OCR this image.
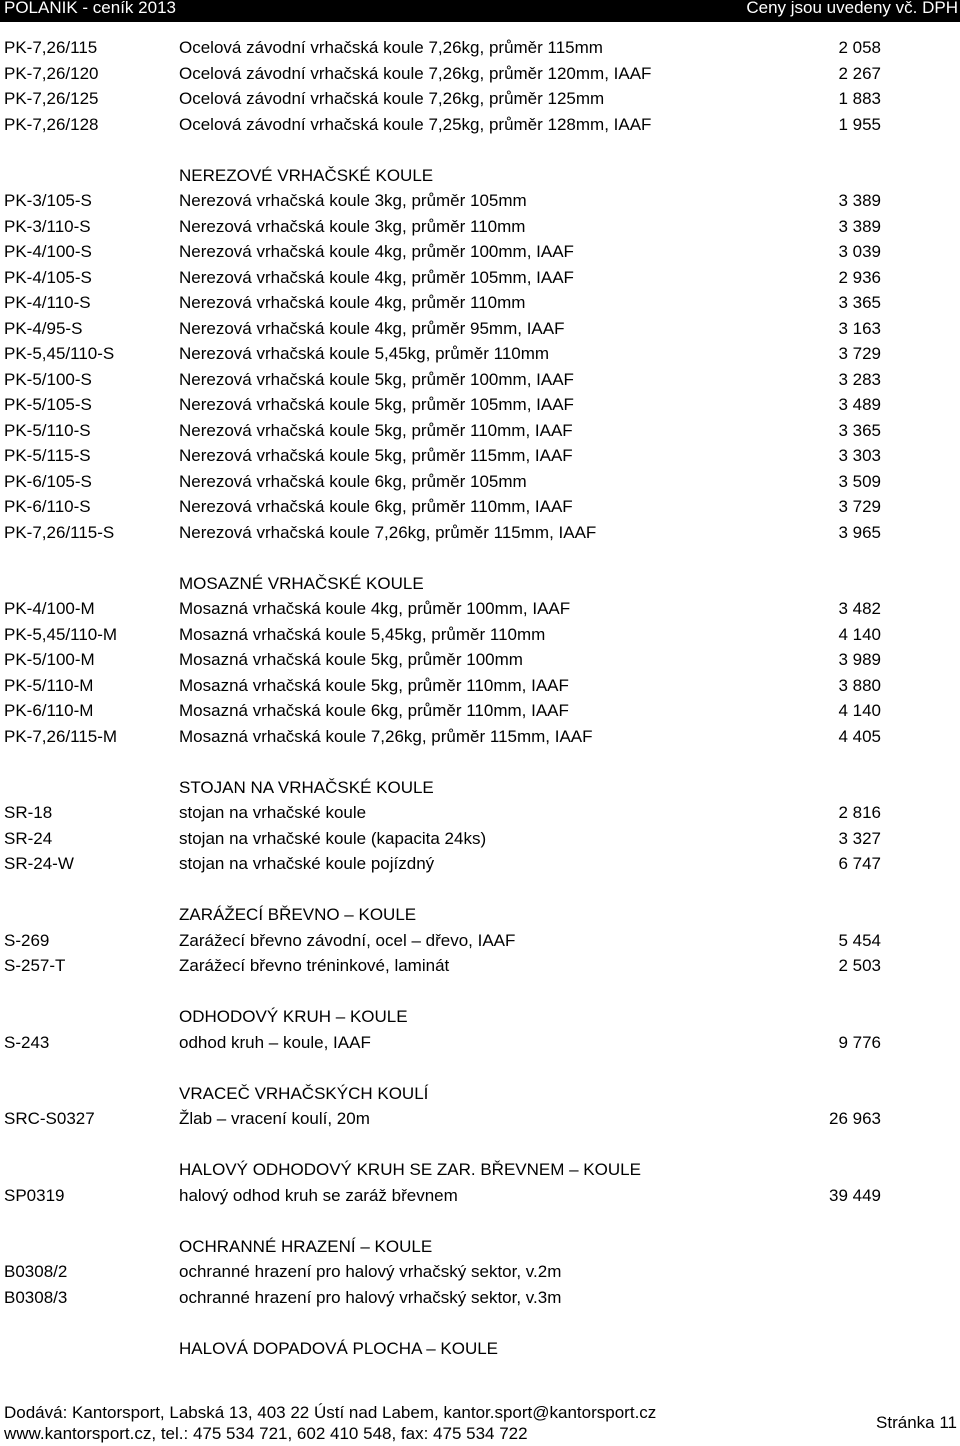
POLANIK - ceník 2013	Ceny jsou uvedeny vč. DPH
PK-7,26/115	Ocelová závodní vrhačská koule 7,26kg, průměr 115mm	2 058
PK-7,26/120	Ocelová závodní vrhačská koule 7,26kg, průměr 120mm, IAAF	2 267
PK-7,26/125	Ocelová závodní vrhačská koule 7,26kg, průměr 125mm	1 883
PK-7,26/128	Ocelová závodní vrhačská koule 7,25kg, průměr 128mm, IAAF	1 955
NEREZOVÉ VRHAČSKÉ KOULE
PK-3/105-S	Nerezová vrhačská koule 3kg, průměr 105mm	3 389
PK-3/110-S	Nerezová vrhačská koule 3kg, průměr 110mm	3 389
PK-4/100-S	Nerezová vrhačská koule 4kg, průměr 100mm, IAAF	3 039
PK-4/105-S	Nerezová vrhačská koule 4kg, průměr 105mm, IAAF	2 936
PK-4/110-S	Nerezová vrhačská koule 4kg, průměr 110mm	3 365
PK-4/95-S	Nerezová vrhačská koule 4kg, průměr 95mm, IAAF	3 163
PK-5,45/110-S	Nerezová vrhačská koule 5,45kg, průměr 110mm	3 729
PK-5/100-S	Nerezová vrhačská koule 5kg, průměr 100mm, IAAF	3 283
PK-5/105-S	Nerezová vrhačská koule 5kg, průměr 105mm, IAAF	3 489
PK-5/110-S	Nerezová vrhačská koule 5kg, průměr 110mm, IAAF	3 365
PK-5/115-S	Nerezová vrhačská koule 5kg, průměr 115mm, IAAF	3 303
PK-6/105-S	Nerezová vrhačská koule 6kg, průměr 105mm	3 509
PK-6/110-S	Nerezová vrhačská koule 6kg, průměr 110mm, IAAF	3 729
PK-7,26/115-S	Nerezová vrhačská koule 7,26kg, průměr 115mm, IAAF	3 965
MOSAZNÉ VRHAČSKÉ KOULE
PK-4/100-M	Mosazná vrhačská koule 4kg, průměr 100mm, IAAF	3 482
PK-5,45/110-M	Mosazná vrhačská koule 5,45kg, průměr 110mm	4 140
PK-5/100-M	Mosazná vrhačská koule 5kg, průměr 100mm	3 989
PK-5/110-M	Mosazná vrhačská koule 5kg, průměr 110mm, IAAF	3 880
PK-6/110-M	Mosazná vrhačská koule 6kg, průměr 110mm, IAAF	4 140
PK-7,26/115-M	Mosazná vrhačská koule 7,26kg, průměr 115mm, IAAF	4 405
STOJAN NA VRHAČSKÉ KOULE
SR-18	stojan na vrhačské koule	2 816
SR-24	stojan na vrhačské koule (kapacita 24ks)	3 327
SR-24-W	stojan na vrhačské koule pojízdný	6 747
ZARÁŽECÍ BŘEVNO – KOULE
S-269	Zarážecí břevno závodní, ocel – dřevo, IAAF	5 454
S-257-T	Zarážecí břevno tréninkové, laminát	2 503
ODHODOVÝ KRUH – KOULE
S-243	odhod kruh – koule, IAAF	9 776
VRACEČ VRHAČSKÝCH KOULÍ
SRC-S0327	Žlab – vracení koulí, 20m	26 963
HALOVÝ ODHODOVÝ KRUH SE ZAR. BŘEVNEM – KOULE
SP0319	halový odhod kruh se zaráž břevnem	39 449
OCHRANNÉ HRAZENÍ – KOULE
B0308/2	ochranné hrazení pro halový vrhačský sektor, v.2m
B0308/3	ochranné hrazení pro halový vrhačský sektor, v.3m
HALOVÁ DOPADOVÁ PLOCHA – KOULE
Dodává: Kantorsport, Labská 13, 403 22 Ústí nad Labem, kantor.sport@kantorsport.cz
www.kantorsport.cz, tel.: 475 534 721, 602 410 548, fax: 475 534 722
Stránka 11
